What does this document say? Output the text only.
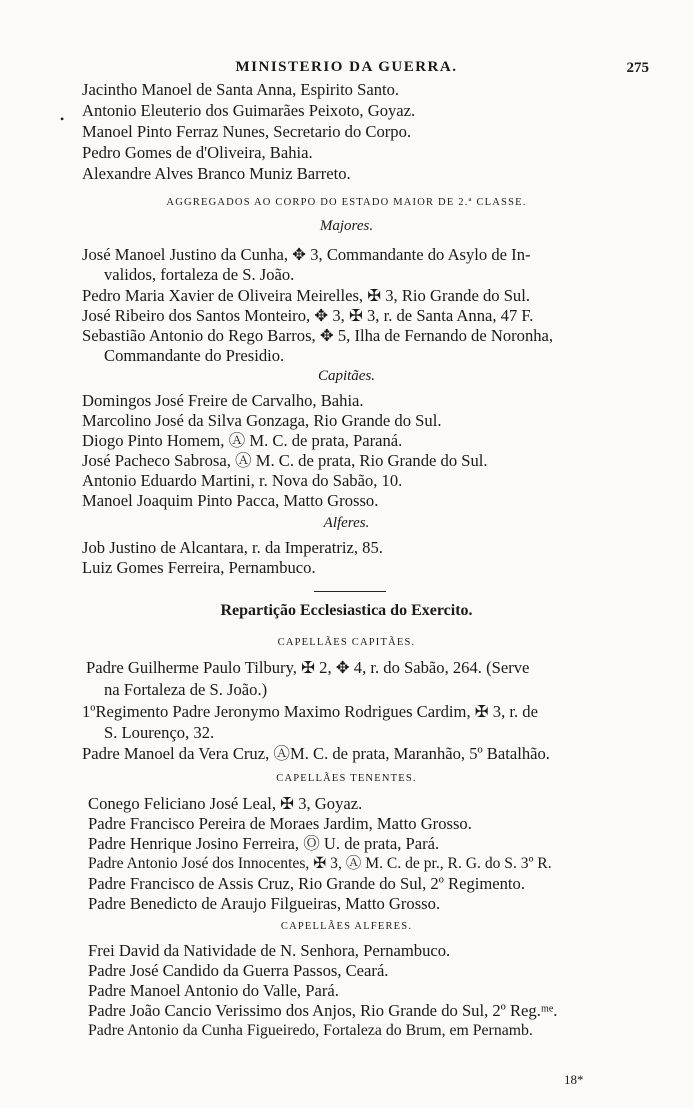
MINISTERIO DA GUERRA.	275
•
Jacintho Manoel de Santa Anna, Espirito Santo.
Antonio Eleuterio dos Guimarães Peixoto, Goyaz.
Manoel Pinto Ferraz Nunes, Secretario do Corpo.
Pedro Gomes de d'Oliveira, Bahia.
Alexandre Alves Branco Muniz Barreto.
AGGREGADOS AO CORPO DO ESTADO MAIOR DE 2.ª CLASSE.
Majores.
José Manoel Justino da Cunha, ✥ 3, Commandante do Asylo de In-
validos, fortaleza de S. João.
Pedro Maria Xavier de Oliveira Meirelles, ✠ 3, Rio Grande do Sul.
José Ribeiro dos Santos Monteiro, ✥ 3, ✠ 3, r. de Santa Anna, 47 F.
Sebastião Antonio do Rego Barros, ✥ 5, Ilha de Fernando de Noronha,
Commandante do Presidio.
Capitães.
Domingos José Freire de Carvalho, Bahia.
Marcolino José da Silva Gonzaga, Rio Grande do Sul.
Diogo Pinto Homem, Ⓐ M. C. de prata, Paraná.
José Pacheco Sabrosa, Ⓐ M. C. de prata, Rio Grande do Sul.
Antonio Eduardo Martini, r. Nova do Sabão, 10.
Manoel Joaquim Pinto Pacca, Matto Grosso.
Alferes.
Job Justino de Alcantara, r. da Imperatriz, 85.
Luiz Gomes Ferreira, Pernambuco.
Repartição Ecclesiastica do Exercito.
CAPELLÃES CAPITÃES.
Padre Guilherme Paulo Tilbury, ✠ 2, ✥ 4, r. do Sabão, 264. (Serve
na Fortaleza de S. João.)
1ºRegimento Padre Jeronymo Maximo Rodrigues Cardim, ✠ 3, r. de
S. Lourenço, 32.
Padre Manoel da Vera Cruz, ⒶM. C. de prata, Maranhão, 5º Batalhão.
CAPELLÃES TENENTES.
Conego Feliciano José Leal, ✠ 3, Goyaz.
Padre Francisco Pereira de Moraes Jardim, Matto Grosso.
Padre Henrique Josino Ferreira, Ⓞ U. de prata, Pará.
Padre Antonio José dos Innocentes, ✠ 3, Ⓐ M. C. de pr., R. G. do S. 3º R.
Padre Francisco de Assis Cruz, Rio Grande do Sul, 2º Regimento.
Padre Benedicto de Araujo Filgueiras, Matto Grosso.
CAPELLÃES ALFERES.
Frei David da Natividade de N. Senhora, Pernambuco.
Padre José Candido da Guerra Passos, Ceará.
Padre Manoel Antonio do Valle, Pará.
Padre João Cancio Verissimo dos Anjos, Rio Grande do Sul, 2º Reg.ᵐᵉ.
Padre Antonio da Cunha Figueiredo, Fortaleza do Brum, em Pernamb.
18*
